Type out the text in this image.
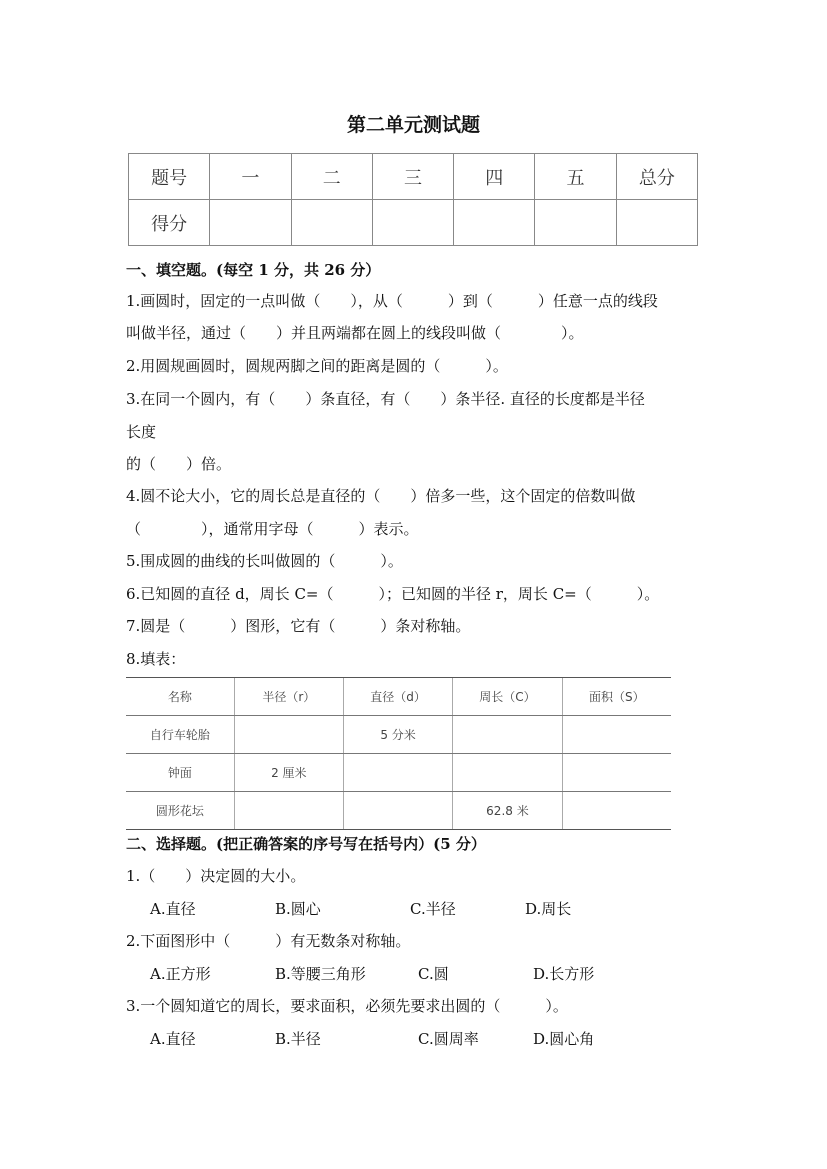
第二单元测试题
题号	一	二	三	四	五	总分
得分						
一、填空题。(每空 1 分，共 26 分）
1.画圆时，固定的一点叫做（　　），从（　　　）到（　　　）任意一点的线段
叫做半径，通过（　　）并且两端都在圆上的线段叫做（　　　　）。
2.用圆规画圆时，圆规两脚之间的距离是圆的（　　　）。
3.在同一个圆内，有（　　）条直径，有（　　）条半径. 直径的长度都是半径
长度
的（　　）倍。
4.圆不论大小，它的周长总是直径的（　　）倍多一些，这个固定的倍数叫做
（　　　　），通常用字母（　　　）表示。
5.围成圆的曲线的长叫做圆的（　　　）。
6.已知圆的直径 d，周长 C=（　　　）；已知圆的半径 r，周长 C=（　　　）。
7.圆是（　　　）图形，它有（　　　）条对称轴。
8.填表：
名称	半径（r）	直径（d）	周长（C）	面积（S）
自行车轮胎		5 分米		
钟面	2 厘米			
圆形花坛			62.8 米	
二、选择题。(把正确答案的序号写在括号内）(5 分）
1.（　　）决定圆的大小。
A.直径	B.圆心	C.半径	D.周长
2.下面图形中（　　　）有无数条对称轴。
A.正方形	B.等腰三角形	C.圆	D.长方形
3.一个圆知道它的周长，要求面积，必须先要求出圆的（　　　）。
A.直径	B.半径	C.圆周率	D.圆心角
